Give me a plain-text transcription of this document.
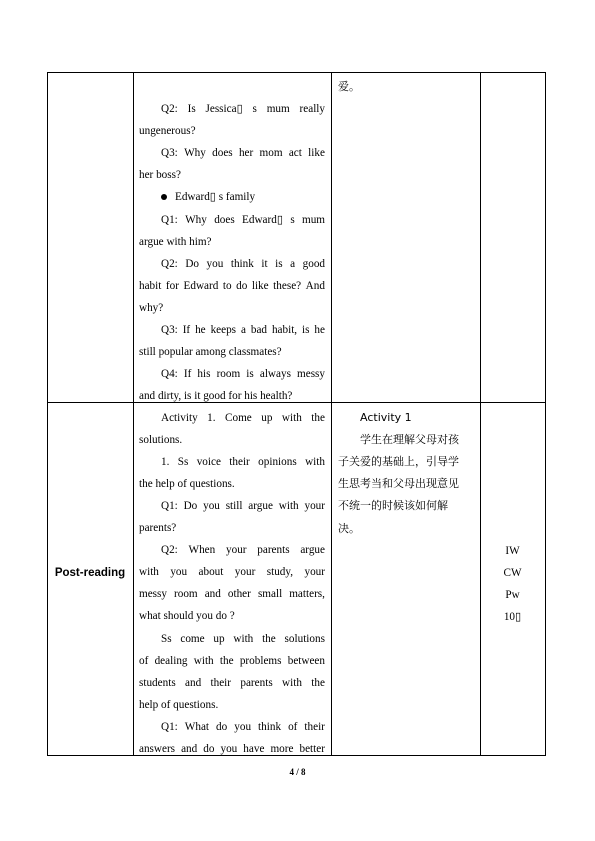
Post-reading
4 / 8
Q2: Is Jessica▯ s mum really
ungenerous?
Q3: Why does her mom act like
her boss?
Edward▯ s family
Q1: Why does Edward▯ s mum
argue with him?
Q2: Do you think it is a good
habit for Edward to do like these? And
why?
Q3: If he keeps a bad habit, is he
still popular among classmates?
Q4: If his room is always messy
and dirty, is it good for his health?
爱。
Activity 1. Come up with the
solutions.
1. Ss voice their opinions with
the help of questions.
Q1: Do you still argue with your
parents?
Q2: When your parents argue
with you about your study, your
messy room and other small matters,
what should you do ?
Ss come up with the solutions
of dealing with the problems between
students and their parents with the
help of questions.
Q1: What do you think of their
answers and do you have more better
Activity 1
学生在理解父母对孩
子关爱的基础上，引导学
生思考当和父母出现意见
不统一的时候该如何解
决。
IW
CW
Pw
10▯
